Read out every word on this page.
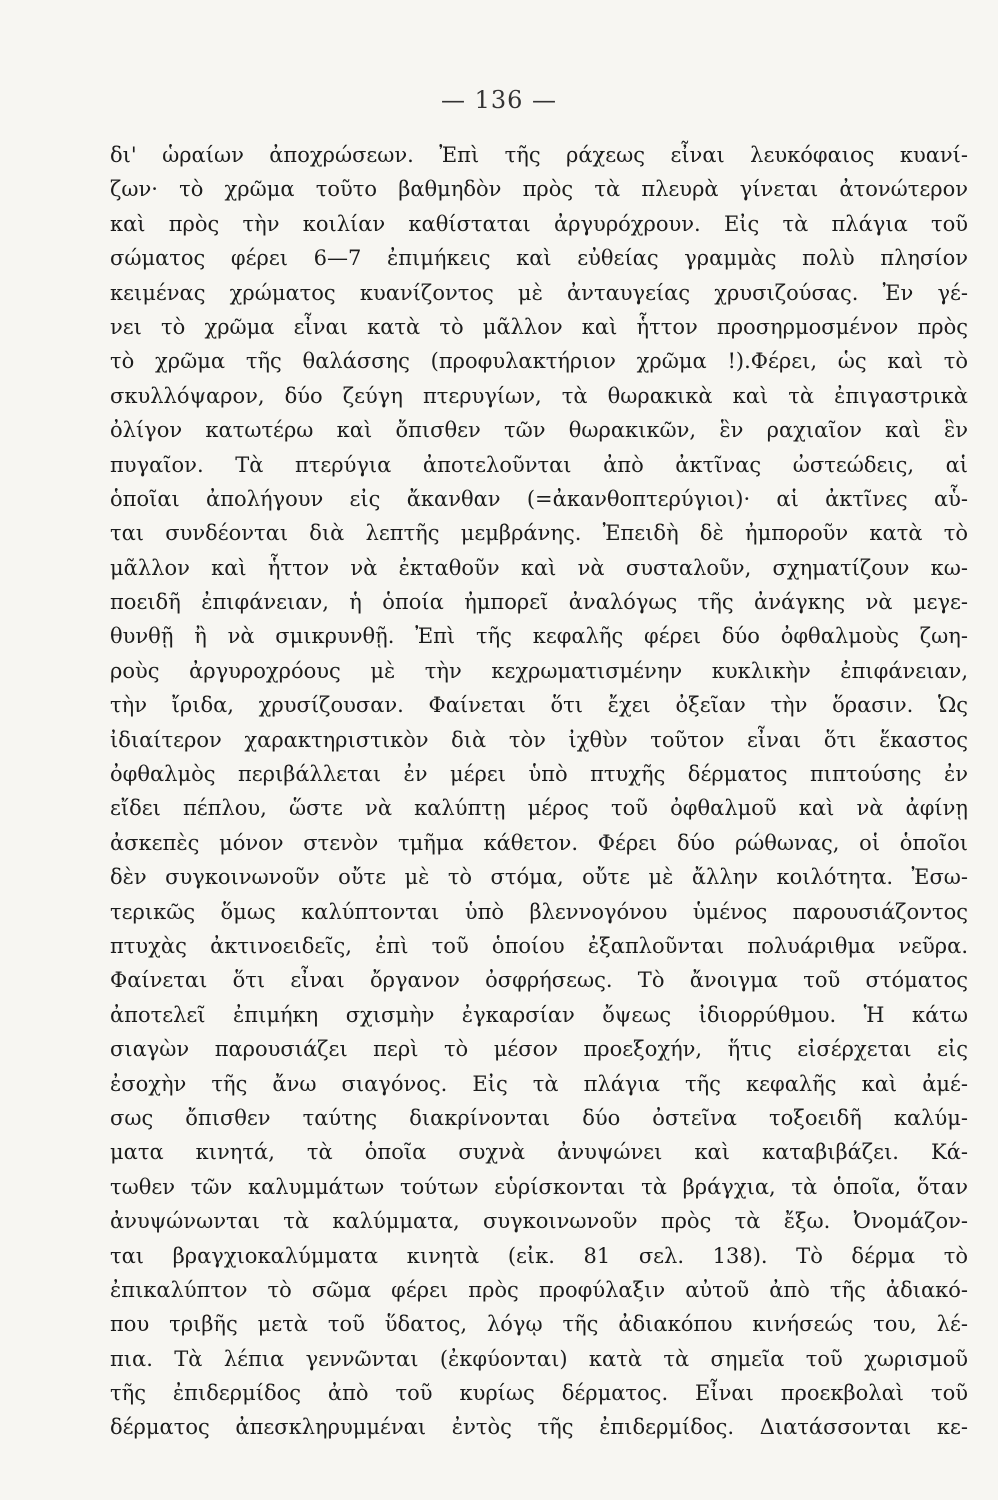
— 136 —
δι' ὡραίων ἀποχρώσεων. Ἐπὶ τῆς ράχεως εἶναι λευκόφαιος κυανί-
ζων· τὸ χρῶμα τοῦτο βαθμηδὸν πρὸς τὰ πλευρὰ γίνεται ἀτονώτερον
καὶ πρὸς τὴν κοιλίαν καθίσταται ἀργυρόχρουν. Εἰς τὰ πλάγια τοῦ
σώματος φέρει 6—7 ἐπιμήκεις καὶ εὐθείας γραμμὰς πολὺ πλησίον
κειμένας χρώματος κυανίζοντος μὲ ἀνταυγείας χρυσιζούσας. Ἐν γέ-
νει τὸ χρῶμα εἶναι κατὰ τὸ μᾶλλον καὶ ἧττον προσηρμοσμένον πρὸς
τὸ χρῶμα τῆς θαλάσσης (προφυλακτήριον χρῶμα !).Φέρει, ὡς καὶ τὸ
σκυλλόψαρον, δύο ζεύγη πτερυγίων, τὰ θωρακικὰ καὶ τὰ ἐπιγαστρικὰ
ὀλίγον κατωτέρω καὶ ὄπισθεν τῶν θωρακικῶν, ἓν ραχιαῖον καὶ ἓν
πυγαῖον. Τὰ πτερύγια ἀποτελοῦνται ἀπὸ ἀκτῖνας ὠστεώδεις, αἱ
ὁποῖαι ἀπολήγουν εἰς ἄκανθαν (=ἀκανθοπτερύγιοι)· αἱ ἀκτῖνες αὗ-
ται συνδέονται διὰ λεπτῆς μεμβράνης. Ἐπειδὴ δὲ ἠμποροῦν κατὰ τὸ
μᾶλλον καὶ ἧττον νὰ ἐκταθοῦν καὶ νὰ συσταλοῦν, σχηματίζουν κω-
ποειδῆ ἐπιφάνειαν, ἡ ὁποία ἠμπορεῖ ἀναλόγως τῆς ἀνάγκης νὰ μεγε-
θυνθῇ ἢ νὰ σμικρυνθῇ. Ἐπὶ τῆς κεφαλῆς φέρει δύο ὀφθαλμοὺς ζωη-
ροὺς ἀργυροχρόους μὲ τὴν κεχρωματισμένην κυκλικὴν ἐπιφάνειαν,
τὴν ἴριδα, χρυσίζουσαν. Φαίνεται ὅτι ἔχει ὀξεῖαν τὴν ὅρασιν. Ὡς
ἰδιαίτερον χαρακτηριστικὸν διὰ τὸν ἰχθὺν τοῦτον εἶναι ὅτι ἕκαστος
ὀφθαλμὸς περιβάλλεται ἐν μέρει ὑπὸ πτυχῆς δέρματος πιπτούσης ἐν
εἴδει πέπλου, ὥστε νὰ καλύπτῃ μέρος τοῦ ὀφθαλμοῦ καὶ νὰ ἀφίνῃ
ἀσκεπὲς μόνον στενὸν τμῆμα κάθετον. Φέρει δύο ρώθωνας, οἱ ὁποῖοι
δὲν συγκοινωνοῦν οὔτε μὲ τὸ στόμα, οὔτε μὲ ἄλλην κοιλότητα. Ἐσω-
τερικῶς ὅμως καλύπτονται ὑπὸ βλεννογόνου ὑμένος παρουσιάζοντος
πτυχὰς ἀκτινοειδεῖς, ἐπὶ τοῦ ὁποίου ἐξαπλοῦνται πολυάριθμα νεῦρα.
Φαίνεται ὅτι εἶναι ὄργανον ὀσφρήσεως. Τὸ ἄνοιγμα τοῦ στόματος
ἀποτελεῖ ἐπιμήκη σχισμὴν ἐγκαρσίαν ὄψεως ἰδιορρύθμου. Ἡ κάτω
σιαγὼν παρουσιάζει περὶ τὸ μέσον προεξοχήν, ἥτις εἰσέρχεται εἰς
ἐσοχὴν τῆς ἄνω σιαγόνος. Εἰς τὰ πλάγια τῆς κεφαλῆς καὶ ἀμέ-
σως ὄπισθεν ταύτης διακρίνονται δύο ὀστεῖνα τοξοειδῆ καλύμ-
ματα κινητά, τὰ ὁποῖα συχνὰ ἀνυψώνει καὶ καταβιβάζει. Κά-
τωθεν τῶν καλυμμάτων τούτων εὑρίσκονται τὰ βράγχια, τὰ ὁποῖα, ὅταν
ἀνυψώνωνται τὰ καλύμματα, συγκοινωνοῦν πρὸς τὰ ἔξω. Ὀνομάζον-
ται βραγχιοκαλύμματα κινητὰ (εἰκ. 81 σελ. 138). Τὸ δέρμα τὸ
ἐπικαλύπτον τὸ σῶμα φέρει πρὸς προφύλαξιν αὐτοῦ ἀπὸ τῆς ἀδιακό-
που τριβῆς μετὰ τοῦ ὕδατος, λόγῳ τῆς ἀδιακόπου κινήσεώς του, λέ-
πια. Τὰ λέπια γεννῶνται (ἐκφύονται) κατὰ τὰ σημεῖα τοῦ χωρισμοῦ
τῆς ἐπιδερμίδος ἀπὸ τοῦ κυρίως δέρματος. Εἶναι προεκβολαὶ τοῦ
δέρματος ἀπεσκληρυμμέναι ἐντὸς τῆς ἐπιδερμίδος. Διατάσσονται κε-
